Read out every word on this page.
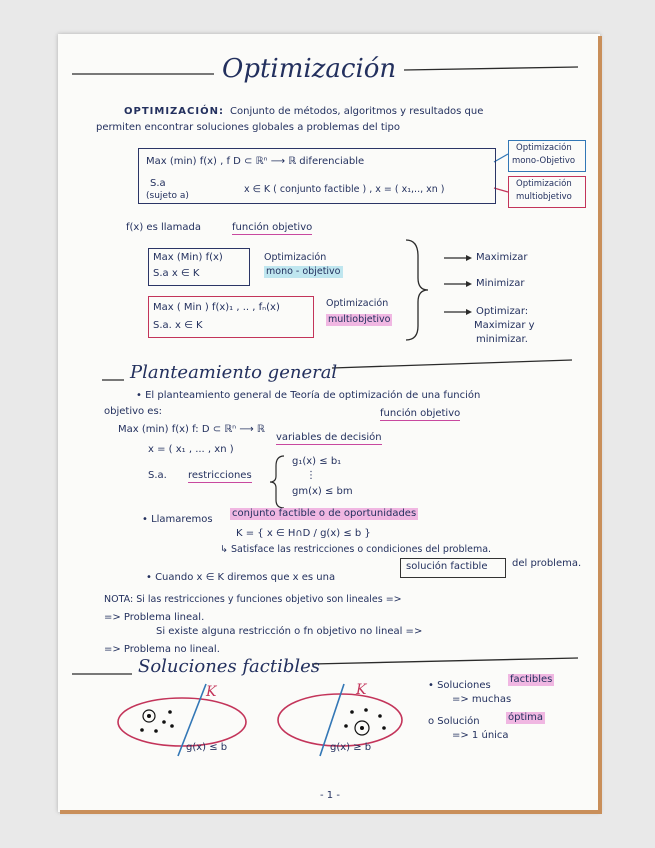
Optimización
OPTIMIZACIÓN: Conjunto de métodos, algoritmos y resultados que
permiten encontrar soluciones globales a problemas del tipo
Max (min) f(x) , f D ⊂ ℝⁿ ⟶ ℝ diferenciable
S.a
(sujeto a)
x ∈ K ( conjunto factible ) , x = ( x₁,.., xn )
Optimización
mono-Objetivo
Optimización
multiobjetivo
f(x) es llamada	función objetivo
Max (Min) f(x)
S.a x ∈ K
Optimización
mono - objetivo
Max ( Min ) f(x)₁ , .. , fₙ(x)
S.a. x ∈ K
Optimización
multiobjetivo
Maximizar
Minimizar
Optimizar:
Maximizar y
minimizar.
Planteamiento general
• El planteamiento general de Teoría de optimización de una función
objetivo es:
Max (min) f(x) f: D ⊂ ℝⁿ ⟶ ℝ
función objetivo
x = ( x₁ , ... , xn )
variables de decisión
S.a. restricciones
g₁(x) ≤ b₁
⋮
gm(x) ≤ bm
• Llamaremos
conjunto factible o de oportunidades
K = { x ∈ H∩D / g(x) ≤ b }
↳ Satisface las restricciones o condiciones del problema.
• Cuando x ∈ K diremos que x es una
solución factible del problema.
NOTA: Si las restricciones y funciones objetivo son lineales =>
=> Problema lineal.
Si existe alguna restricción o fn objetivo no lineal =>
=> Problema no lineal.
Soluciones factibles
K	K
g(x) ≤ b	g(x) ≥ b
• Soluciones
factibles
=> muchas
o Solución	óptima
=> 1 única
- 1 -
